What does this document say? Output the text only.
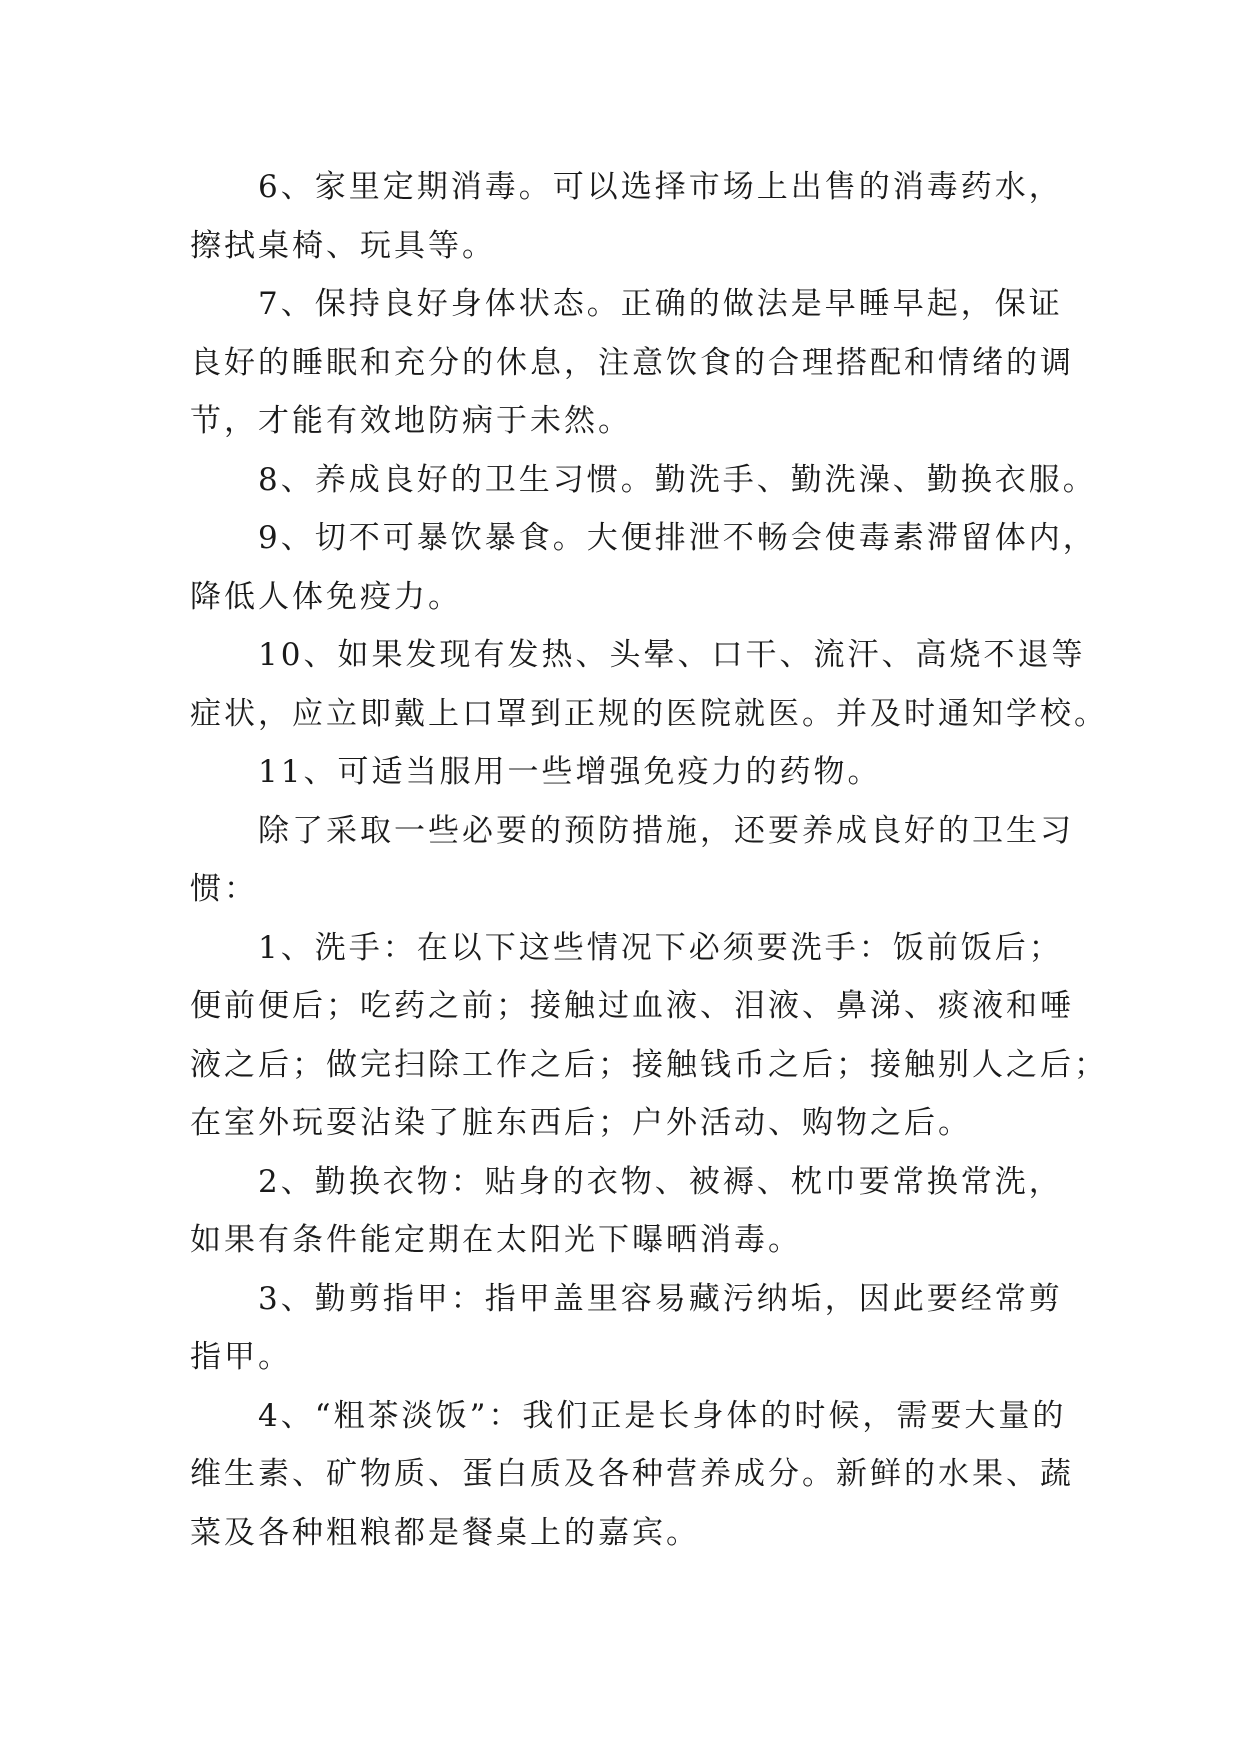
6、家里定期消毒。可以选择市场上出售的消毒药水，
擦拭桌椅、玩具等。
7、保持良好身体状态。正确的做法是早睡早起，保证
良好的睡眠和充分的休息，注意饮食的合理搭配和情绪的调
节，才能有效地防病于未然。
8、养成良好的卫生习惯。勤洗手、勤洗澡、勤换衣服。
9、切不可暴饮暴食。大便排泄不畅会使毒素滞留体内，
降低人体免疫力。
10、如果发现有发热、头晕、口干、流汗、高烧不退等
症状，应立即戴上口罩到正规的医院就医。并及时通知学校。
11、可适当服用一些增强免疫力的药物。
除了采取一些必要的预防措施，还要养成良好的卫生习
惯：
1、洗手：在以下这些情况下必须要洗手：饭前饭后；
便前便后；吃药之前；接触过血液、泪液、鼻涕、痰液和唾
液之后；做完扫除工作之后；接触钱币之后；接触别人之后；
在室外玩耍沾染了脏东西后；户外活动、购物之后。
2、勤换衣物：贴身的衣物、被褥、枕巾要常换常洗，
如果有条件能定期在太阳光下曝晒消毒。
3、勤剪指甲：指甲盖里容易藏污纳垢，因此要经常剪
指甲。
4、“粗茶淡饭”：我们正是长身体的时候，需要大量的
维生素、矿物质、蛋白质及各种营养成分。新鲜的水果、蔬
菜及各种粗粮都是餐桌上的嘉宾。
